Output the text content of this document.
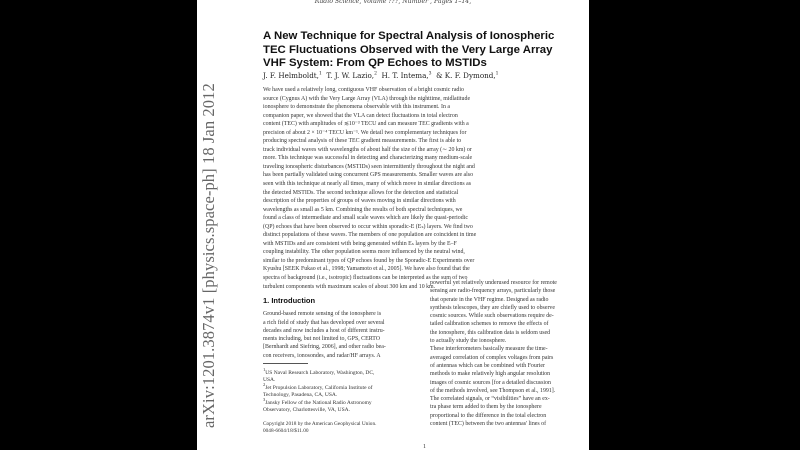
Radio Science, Volume ???, Number , Pages 1–14,
A New Technique for Spectral Analysis of Ionospheric TEC Fluctuations Observed with the Very Large Array VHF System: From QP Echoes to MSTIDs
J. F. Helmboldt,$^1$ T. J. W. Lazio,$^2$ H. T. Intema,$^3$ & K. F. Dymond,$^1$
We have used a relatively long, contiguous VHF observation of a bright cosmic radio
source (Cygnus A) with the Very Large Array (VLA) through the nighttime, midlatitude
ionosphere to demonstrate the phenomena observable with this instrument. In a
companion paper, we showed that the VLA can detect fluctuations in total electron
content (TEC) with amplitudes of ≲10⁻³ TECU and can measure TEC gradients with a
precision of about 2 × 10⁻⁴ TECU km⁻¹. We detail two complementary techniques for
producing spectral analysis of these TEC gradient measurements. The first is able to
track individual waves with wavelengths of about half the size of the array (∼ 20 km) or
more. This technique was successful in detecting and characterizing many medium-scale
traveling ionospheric disturbances (MSTIDs) seen intermittently throughout the night and
has been partially validated using concurrent GPS measurements. Smaller waves are also
seen with this technique at nearly all times, many of which move in similar directions as
the detected MSTIDs. The second technique allows for the detection and statistical
description of the properties of groups of waves moving in similar directions with
wavelengths as small as 5 km. Combining the results of both spectral techniques, we
found a class of intermediate and small scale waves which are likely the quasi-periodic
(QP) echoes that have been observed to occur within sporadic-E (Eₛ) layers. We find two
distinct populations of these waves. The members of one population are coincident in time
with MSTIDs and are consistent with being generated within Eₛ layers by the E–F
coupling instability. The other population seems more influenced by the neutral wind,
similar to the predominant types of QP echoes found by the Sporadic-E Experiments over
Kyushu [SEEK Fukao et al., 1998; Yamamoto et al., 2005]. We have also found that the
spectra of background (i.e., isotropic) fluctuations can be interpreted as the sum of two
turbulent components with maximum scales of about 300 km and 10 km.
1. Introduction
Ground-based remote sensing of the ionosphere is
a rich field of study that has developed over several
decades and now includes a host of different instru-
ments including, but not limited to, GPS, CERTO
[Bernhardt and Siefring, 2006], and other radio bea-
con receivers, ionosondes, and radar/HF arrays. A
powerful yet relatively underused resource for remote
sensing are radio-frequency arrays, particularly those
that operate in the VHF regime. Designed as radio
synthesis telescopes, they are chiefly used to observe
cosmic sources. While such observations require de-
tailed calibration schemes to remove the effects of
the ionosphere, this calibration data is seldom used
to actually study the ionosphere.
These interferometers basically measure the time-
averaged correlation of complex voltages from pairs
of antennas which can be combined with Fourier
methods to make relatively high angular resolution
images of cosmic sources [for a detailed discussion
of the methods involved, see Thompson et al., 1991].
The correlated signals, or “visibilities” have an ex-
tra phase term added to them by the ionosphere
proportional to the difference in the total electron
content (TEC) between the two antennas' lines of
$^1$US Naval Research Laboratory, Washington, DC,
USA.
$^2$Jet Propulsion Laboratory, California Institute of
Technology, Pasadena, CA, USA.
$^3$Jansky Fellow of the National Radio Astronomy
Observatory, Charlottesville, VA, USA.
Copyright 2018 by the American Geophysical Union.
0048-6604/18/$11.00
1
arXiv:1201.3874v1 [physics.space-ph] 18 Jan 2012
